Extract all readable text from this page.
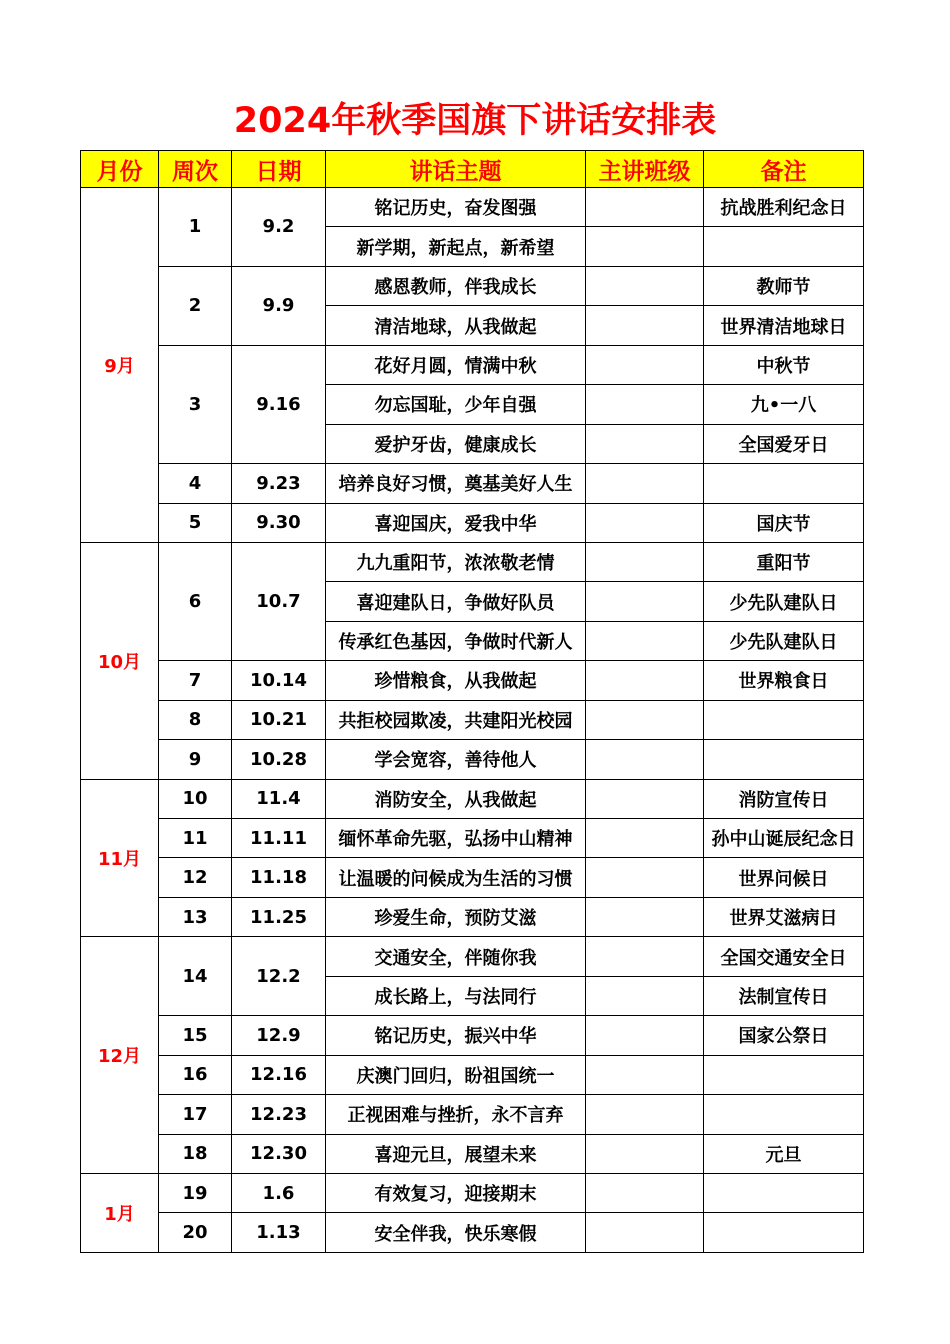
2024年秋季国旗下讲话安排表
月份	周次	日期	讲话主题	主讲班级	备注
9月	1	9.2	铭记历史，奋发图强		抗战胜利纪念日
			新学期，新起点，新希望		
	2	9.9	感恩教师，伴我成长		教师节
			清洁地球，从我做起		世界清洁地球日
	3	9.16	花好月圆，情满中秋		中秋节
			勿忘国耻，少年自强		九•一八
			爱护牙齿，健康成长		全国爱牙日
	4	9.23	培养良好习惯，奠基美好人生		
	5	9.30	喜迎国庆，爱我中华		国庆节
10月	6	10.7	九九重阳节，浓浓敬老情		重阳节
			喜迎建队日，争做好队员		少先队建队日
			传承红色基因，争做时代新人		少先队建队日
	7	10.14	珍惜粮食，从我做起		世界粮食日
	8	10.21	共拒校园欺凌，共建阳光校园		
	9	10.28	学会宽容，善待他人		
11月	10	11.4	消防安全，从我做起		消防宣传日
	11	11.11	缅怀革命先驱，弘扬中山精神		孙中山诞辰纪念日
	12	11.18	让温暖的问候成为生活的习惯		世界问候日
	13	11.25	珍爱生命，预防艾滋		世界艾滋病日
12月	14	12.2	交通安全，伴随你我		全国交通安全日
			成长路上，与法同行		法制宣传日
	15	12.9	铭记历史，振兴中华		国家公祭日
	16	12.16	庆澳门回归，盼祖国统一		
	17	12.23	正视困难与挫折，永不言弃		
	18	12.30	喜迎元旦，展望未来		元旦
1月	19	1.6	有效复习，迎接期末		
	20	1.13	安全伴我，快乐寒假		
